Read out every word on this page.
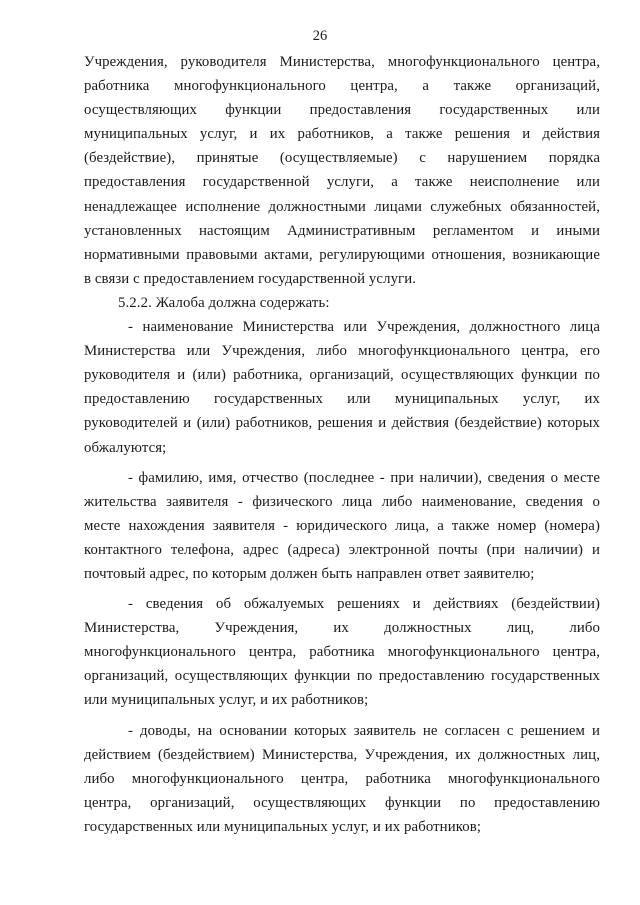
26
Учреждения, руководителя Министерства, многофункционального центра,
работника многофункционального центра, а также организаций,
осуществляющих функции предоставления государственных или
муниципальных услуг, и их работников, а также решения и действия
(бездействие), принятые (осуществляемые) с нарушением порядка
предоставления государственной услуги, а также неисполнение или
ненадлежащее исполнение должностными лицами служебных обязанностей,
установленных настоящим Административным регламентом и иными
нормативными правовыми актами, регулирующими отношения, возникающие
в связи с предоставлением государственной услуги.
5.2.2. Жалоба должна содержать:
- наименование Министерства или Учреждения, должностного лица
Министерства или Учреждения, либо многофункционального центра, его
руководителя и (или) работника, организаций, осуществляющих функции по
предоставлению государственных или муниципальных услуг, их
руководителей и (или) работников, решения и действия (бездействие) которых
обжалуются;
- фамилию, имя, отчество (последнее - при наличии), сведения о месте
жительства заявителя - физического лица либо наименование, сведения о
месте нахождения заявителя - юридического лица, а также номер (номера)
контактного телефона, адрес (адреса) электронной почты (при наличии) и
почтовый адрес, по которым должен быть направлен ответ заявителю;
- сведения об обжалуемых решениях и действиях (бездействии)
Министерства, Учреждения, их должностных лиц, либо
многофункционального центра, работника многофункционального центра,
организаций, осуществляющих функции по предоставлению государственных
или муниципальных услуг, и их работников;
- доводы, на основании которых заявитель не согласен с решением и
действием (бездействием) Министерства, Учреждения, их должностных лиц,
либо многофункционального центра, работника многофункционального
центра, организаций, осуществляющих функции по предоставлению
государственных или муниципальных услуг, и их работников;
